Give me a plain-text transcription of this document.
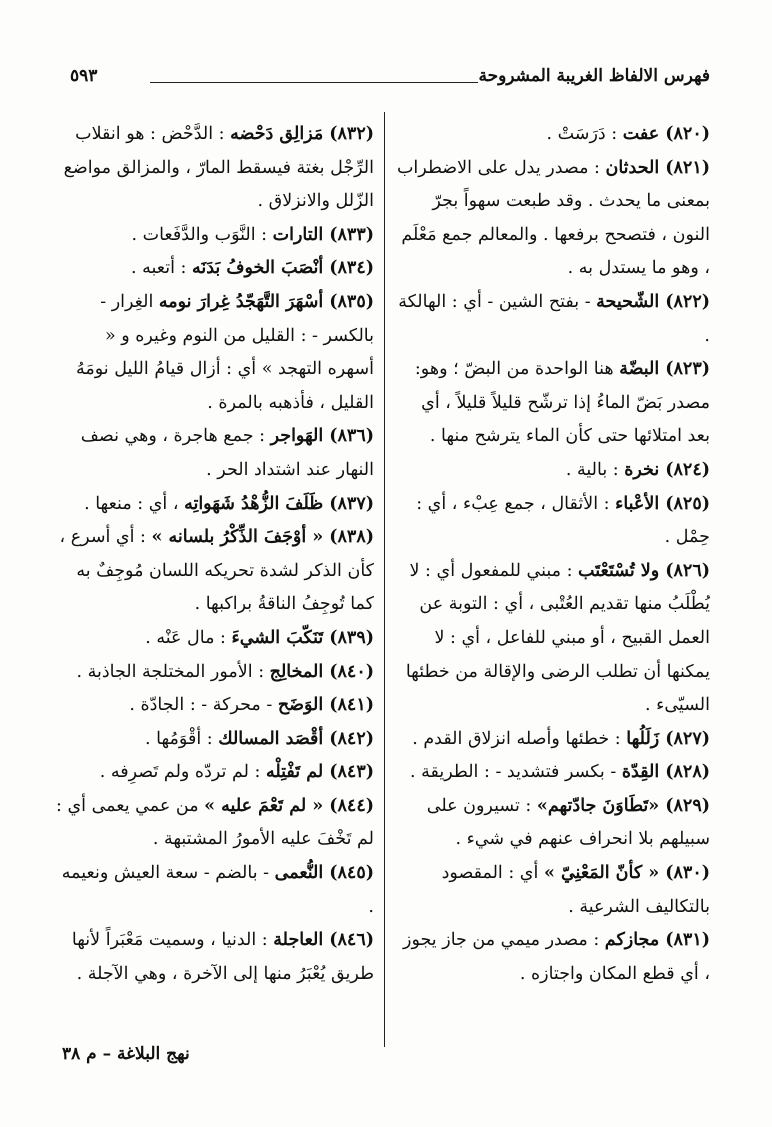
فهرس الالفاظ الغريبة المشروحة
٥٩٣

(٨٢٠)عفت : دَرَسَتْ .

(٨٢١)الحدثان : مصدر يدل على الاضطراب بمعنى ما يحدث . وقد طبعت سهواً بجرّ النون ، فتصحح برفعها . والمعالم جمع مَعْلَم ، وهو ما يستدل به .

(٨٢٢)الشّحيحة - بفتح الشين - أي : الهالكة .

(٨٢٣)البضّة هنا الواحدة من البضّ ؛ وهو: مصدر بَضّ الماءُ إذا ترشّح قليلاً قليلاً ، أي بعد امتلائها حتى كأن الماء يترشح منها .

(٨٢٤)نخرة : بالية .

(٨٢٥)الأعْباء : الأثقال ، جمع عِبْء ، أي : حِمْل .

(٨٢٦)ولا تُسْتَعْتَب : مبني للمفعول أي : لا يُطْلَبُ منها تقديم العُتْبى ، أي : التوبة عن العمل القبيح ، أو مبني للفاعل ، أي : لا يمكنها أن تطلب الرضى والإقالة من خطئها السيّىء .

(٨٢٧)زَلَلُها : خطئها وأصله انزلاق القدم .

(٨٢٨)القِدّة - بكسر فتشديد - : الطريقة .

(٨٢٩)«تَطَاوَنَ جادّتهم» : تسيرون على سبيلهم بلا انحراف عنهم في شيء .

(٨٣٠)« كأنّ المَعْنِيّ » أي : المقصود بالتكاليف الشرعية .

(٨٣١)مجازكم : مصدر ميمي من جاز يجوز ، أي قطع المكان واجتازه .

(٨٣٢)مَزالِق دَحْضه : الدَّحْض : هو انقلاب الرِّجْل بغتة فيسقط المارّ ، والمزالق مواضع الزّلل والانزلاق .

(٨٣٣)التارات : النَّوَب والدَّفَعات .

(٨٣٤)أنْصَبَ الخوفُ بَدَنَه : أتعبه .

(٨٣٥)أسْهَرَ التَّهَجّدُ غِرارَ نومه الغِرار - بالكسر - : القليل من النوم وغيره و « أسهره التهجد » أي : أزال قيامُ الليل نومَهُ القليل ، فأذهبه بالمرة .

(٨٣٦)الهَواجر : جمع هاجرة ، وهي نصف النهار عند اشتداد الحر .

(٨٣٧)ظَلَفَ الزُّهْدُ شَهَواتِه ، أي : منعها .

(٨٣٨)« أوْجَفَ الذِّكْرُ بلسانه » : أي أسرع ، كأن الذكر لشدة تحريكه اللسان مُوجِفٌ به كما تُوجِفُ الناقةُ براكبها .

(٨٣٩)تَنَكّبَ الشيءَ : مال عَنْه .

(٨٤٠)المخالِج : الأمور المختلجة الجاذبة .

(٨٤١)الوَضَح - محركة - : الجادّة .

(٨٤٢)أقْصَد المسالك : أقْوَمُها .

(٨٤٣)لم تَفْتِلْه : لم تردّه ولم تَصرِفه .

(٨٤٤)« لم تَعْمَ عليه » من عمي يعمى أي : لم تَخْفَ عليه الأمورُ المشتبهة .

(٨٤٥)النُّعمى - بالضم - سعة العيش ونعيمه .

(٨٤٦)العاجلة : الدنيا ، وسميت مَعْبَراً لأنها طريق يُعْبَرُ منها إلى الآخرة ، وهي الآجلة .

نهج البلاغة – م ٣٨
